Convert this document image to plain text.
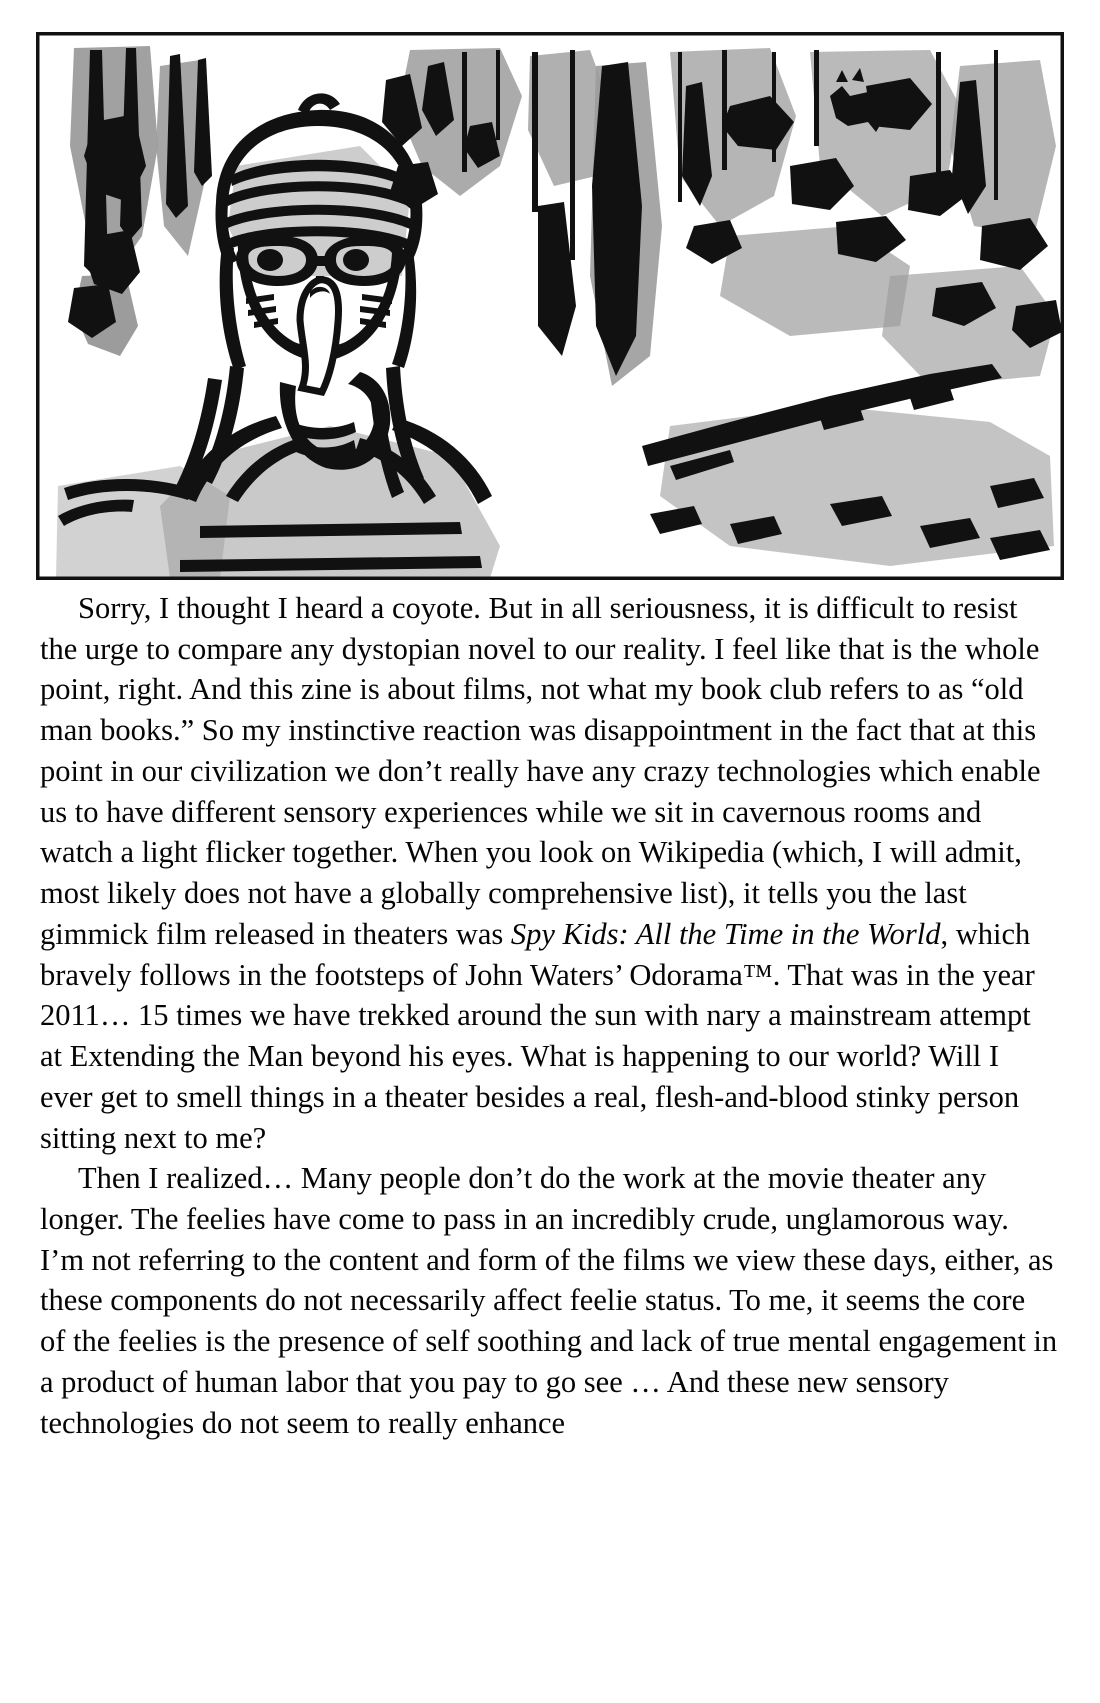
Sorry, I thought I heard a coyote. But in all seriousness, it is difficult to resist the urge to compare any dystopian novel to our reality. I feel like that is the whole point, right. And this zine is about films, not what my book club refers to as “old man books.” So my instinctive reaction was disappointment in the fact that at this point in our civilization we don’t really have any crazy technologies which enable us to have different sensory experiences while we sit in cavernous rooms and watch a light flicker together. When you look on Wikipedia (which, I will admit, most likely does not have a globally comprehensive list), it tells you the last gimmick film released in theaters was Spy Kids: All the Time in the World, which bravely follows in the footsteps of John Waters’ Odorama™. That was in the year 2011… 15 times we have trekked around the sun with nary a mainstream attempt at Extending the Man beyond his eyes. What is happening to our world? Will I ever get to smell things in a theater besides a real, flesh-and-blood stinky person sitting next to me?

Then I realized… Many people don’t do the work at the movie theater any longer. The feelies have come to pass in an incredibly crude, unglamorous way. I’m not referring to the content and form of the films we view these days, either, as these components do not necessarily affect feelie status. To me, it seems the core of the feelies is the presence of self soothing and lack of true mental engagement in a product of human labor that you pay to go see … And these new sensory technologies do not seem to really enhance
